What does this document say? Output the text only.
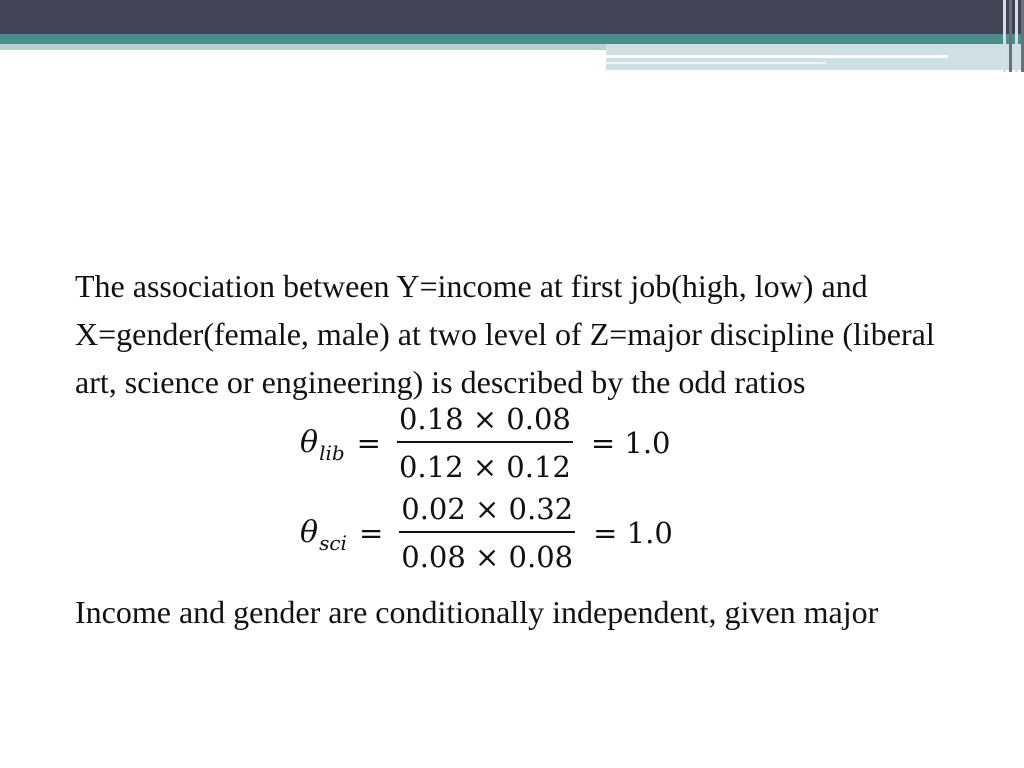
The association between Y=income at first job(high, low) and X=gender(female, male) at two level of Z=major discipline (liberal art, science or engineering) is described by the odd ratios

θ lib = $\frac{0.18 \times 0.08}{0.12 \times 0.12} = 1.0$
θ sci = $\frac{0.02 \times 0.32}{0.08 \times 0.08} = 1.0$

Income and gender are conditionally independent, given major
